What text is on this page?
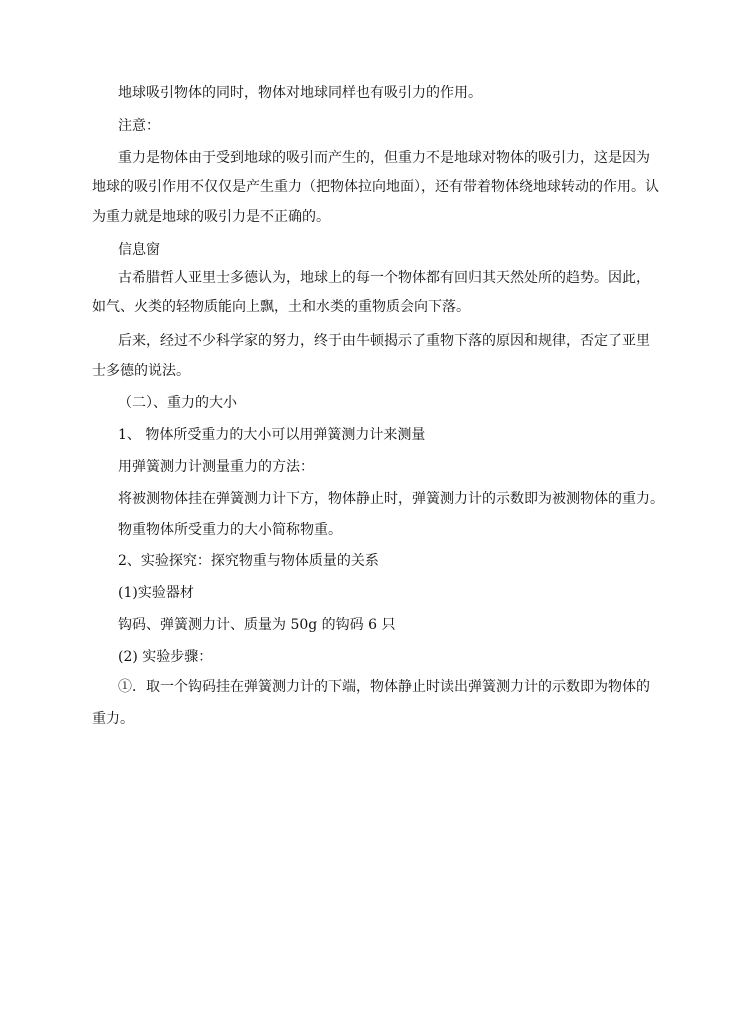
地球吸引物体的同时，物体对地球同样也有吸引力的作用。
注意：
重力是物体由于受到地球的吸引而产生的，但重力不是地球对物体的吸引力，这是因为
地球的吸引作用不仅仅是产生重力（把物体拉向地面），还有带着物体绕地球转动的作用。认
为重力就是地球的吸引力是不正确的。
信息窗
古希腊哲人亚里士多德认为，地球上的每一个物体都有回归其天然处所的趋势。因此，
如气、火类的轻物质能向上飘，土和水类的重物质会向下落。
后来，经过不少科学家的努力，终于由牛顿揭示了重物下落的原因和规律，否定了亚里
士多德的说法。
（二）、重力的大小
1、 物体所受重力的大小可以用弹簧测力计来测量
用弹簧测力计测量重力的方法：
将被测物体挂在弹簧测力计下方，物体静止时，弹簧测力计的示数即为被测物体的重力。
物重物体所受重力的大小简称物重。
2、实验探究：探究物重与物体质量的关系
(1)实验器材
钩码、弹簧测力计、质量为 50g 的钩码 6 只
(2) 实验步骤：
①．取一个钩码挂在弹簧测力计的下端，物体静止时读出弹簧测力计的示数即为物体的
重力。
